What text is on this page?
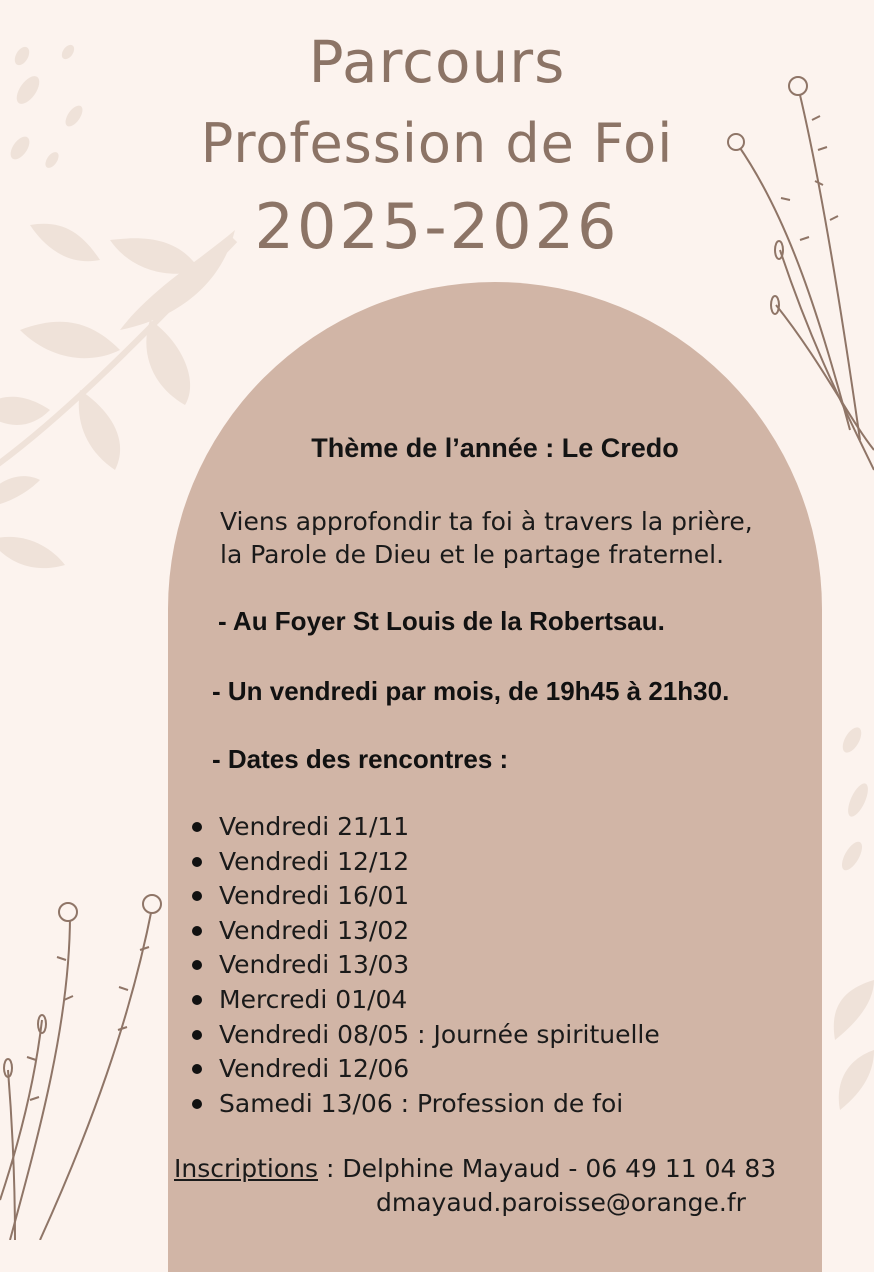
Parcours
Profession de Foi
2025-2026
Thème de l’année : Le Credo
Viens approfondir ta foi à travers la prière,
la Parole de Dieu et le partage fraternel.
- Au Foyer St Louis de la Robertsau.
- Un vendredi par mois, de 19h45 à 21h30.
- Dates des rencontres :
Vendredi 21/11
Vendredi 12/12
Vendredi 16/01
Vendredi 13/02
Vendredi 13/03
Mercredi 01/04
Vendredi 08/05 : Journée spirituelle
Vendredi 12/06
Samedi 13/06 : Profession de foi
Inscriptions : Delphine Mayaud - 06 49 11 04 83
dmayaud.paroisse@orange.fr
